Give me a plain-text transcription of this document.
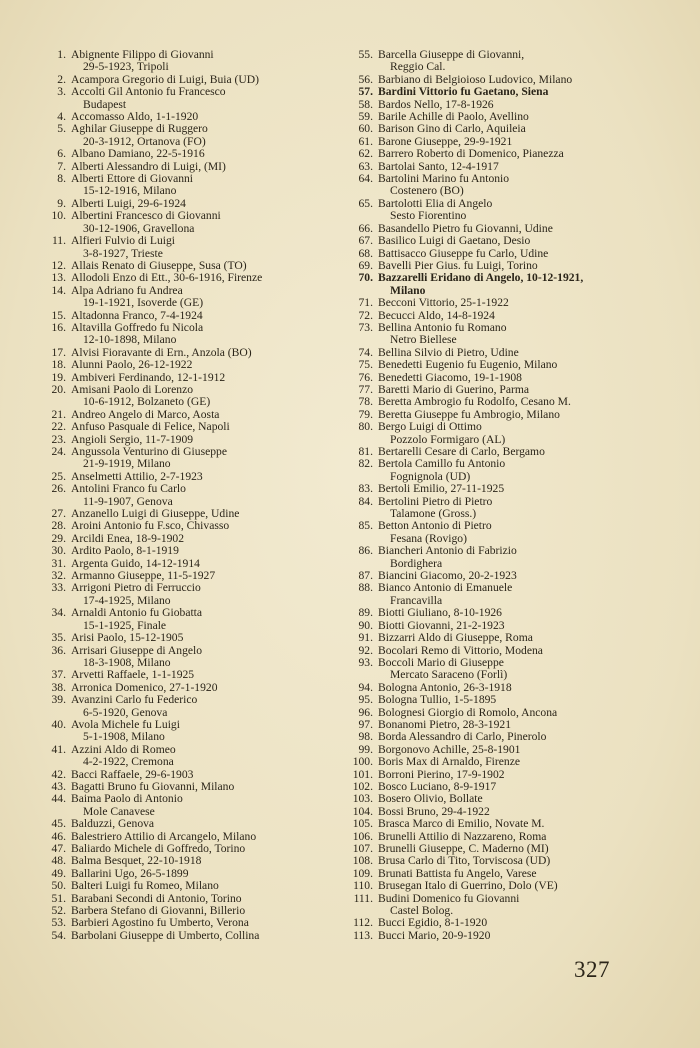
1. Abignente Filippo di Giovanni
29-5-1923, Tripoli
2. Acampora Gregorio di Luigi, Buia (UD)
3. Accolti Gil Antonio fu Francesco
Budapest
4. Accomasso Aldo, 1-1-1920
5. Aghilar Giuseppe di Ruggero
20-3-1912, Ortanova (FO)
6. Albano Damiano, 22-5-1916
7. Alberti Alessandro di Luigi, (MI)
8. Alberti Ettore di Giovanni
15-12-1916, Milano
9. Alberti Luigi, 29-6-1924
10. Albertini Francesco di Giovanni
30-12-1906, Gravellona
11. Alfieri Fulvio di Luigi
3-8-1927, Trieste
12. Allais Renato di Giuseppe, Susa (TO)
13. Allodoli Enzo di Ett., 30-6-1916, Firenze
14. Alpa Adriano fu Andrea
19-1-1921, Isoverde (GE)
15. Altadonna Franco, 7-4-1924
16. Altavilla Goffredo fu Nicola
12-10-1898, Milano
17. Alvisi Fioravante di Ern., Anzola (BO)
18. Alunni Paolo, 26-12-1922
19. Ambiveri Ferdinando, 12-1-1912
20. Amisani Paolo di Lorenzo
10-6-1912, Bolzaneto (GE)
21. Andreo Angelo di Marco, Aosta
22. Anfuso Pasquale di Felice, Napoli
23. Angioli Sergio, 11-7-1909
24. Angussola Venturino di Giuseppe
21-9-1919, Milano
25. Anselmetti Attilio, 2-7-1923
26. Antolini Franco fu Carlo
11-9-1907, Genova
27. Anzanello Luigi di Giuseppe, Udine
28. Aroini Antonio fu F.sco, Chivasso
29. Arcildi Enea, 18-9-1902
30. Ardito Paolo, 8-1-1919
31. Argenta Guido, 14-12-1914
32. Armanno Giuseppe, 11-5-1927
33. Arrigoni Pietro di Ferruccio
17-4-1925, Milano
34. Arnaldi Antonio fu Giobatta
15-1-1925, Finale
35. Arisi Paolo, 15-12-1905
36. Arrisari Giuseppe di Angelo
18-3-1908, Milano
37. Arvetti Raffaele, 1-1-1925
38. Arronica Domenico, 27-1-1920
39. Avanzini Carlo fu Federico
6-5-1920, Genova
40. Avola Michele fu Luigi
5-1-1908, Milano
41. Azzini Aldo di Romeo
4-2-1922, Cremona
42. Bacci Raffaele, 29-6-1903
43. Bagatti Bruno fu Giovanni, Milano
44. Baima Paolo di Antonio
Mole Canavese
45. Balduzzi, Genova
46. Balestriero Attilio di Arcangelo, Milano
47. Baliardo Michele di Goffredo, Torino
48. Balma Besquet, 22-10-1918
49. Ballarini Ugo, 26-5-1899
50. Balteri Luigi fu Romeo, Milano
51. Barabani Secondi di Antonio, Torino
52. Barbera Stefano di Giovanni, Billerio
53. Barbieri Agostino fu Umberto, Verona
54. Barbolani Giuseppe di Umberto, Collina
55. Barcella Giuseppe di Giovanni,
Reggio Cal.
56. Barbiano di Belgioioso Ludovico, Milano
57. Bardini Vittorio fu Gaetano, Siena
58. Bardos Nello, 17-8-1926
59. Barile Achille di Paolo, Avellino
60. Barison Gino di Carlo, Aquileia
61. Barone Giuseppe, 29-9-1921
62. Barrero Roberto di Domenico, Pianezza
63. Bartolai Santo, 12-4-1917
64. Bartolini Marino fu Antonio
Costenero (BO)
65. Bartolotti Elia di Angelo
Sesto Fiorentino
66. Basandello Pietro fu Giovanni, Udine
67. Basilico Luigi di Gaetano, Desio
68. Battisacco Giuseppe fu Carlo, Udine
69. Bavelli Pier Gius. fu Luigi, Torino
70. Bazzarelli Eridano di Angelo, 10-12-1921,
Milano
71. Becconi Vittorio, 25-1-1922
72. Becucci Aldo, 14-8-1924
73. Bellina Antonio fu Romano
Netro Biellese
74. Bellina Silvio di Pietro, Udine
75. Benedetti Eugenio fu Eugenio, Milano
76. Benedetti Giacomo, 19-1-1908
77. Baretti Mario di Guerino, Parma
78. Beretta Ambrogio fu Rodolfo, Cesano M.
79. Beretta Giuseppe fu Ambrogio, Milano
80. Bergo Luigi di Ottimo
Pozzolo Formigaro (AL)
81. Bertarelli Cesare di Carlo, Bergamo
82. Bertola Camillo fu Antonio
Fognignola (UD)
83. Bertoli Emilio, 27-11-1925
84. Bertolini Pietro di Pietro
Talamone (Gross.)
85. Betton Antonio di Pietro
Fesana (Rovigo)
86. Biancheri Antonio di Fabrizio
Bordighera
87. Biancini Giacomo, 20-2-1923
88. Bianco Antonio di Emanuele
Francavilla
89. Biotti Giuliano, 8-10-1926
90. Biotti Giovanni, 21-2-1923
91. Bizzarri Aldo di Giuseppe, Roma
92. Bocolari Remo di Vittorio, Modena
93. Boccoli Mario di Giuseppe
Mercato Saraceno (Forlì)
94. Bologna Antonio, 26-3-1918
95. Bologna Tullio, 1-5-1895
96. Bolognesi Giorgio di Romolo, Ancona
97. Bonanomi Pietro, 28-3-1921
98. Borda Alessandro di Carlo, Pinerolo
99. Borgonovo Achille, 25-8-1901
100. Boris Max di Arnaldo, Firenze
101. Borroni Pierino, 17-9-1902
102. Bosco Luciano, 8-9-1917
103. Bosero Olivio, Bollate
104. Bossi Bruno, 29-4-1922
105. Brasca Marco di Emilio, Novate M.
106. Brunelli Attilio di Nazzareno, Roma
107. Brunelli Giuseppe, C. Maderno (MI)
108. Brusa Carlo di Tito, Torviscosa (UD)
109. Brunati Battista fu Angelo, Varese
110. Brusegan Italo di Guerrino, Dolo (VE)
111. Budini Domenico fu Giovanni
Castel Bolog.
112. Bucci Egidio, 8-1-1920
113. Bucci Mario, 20-9-1920
327
